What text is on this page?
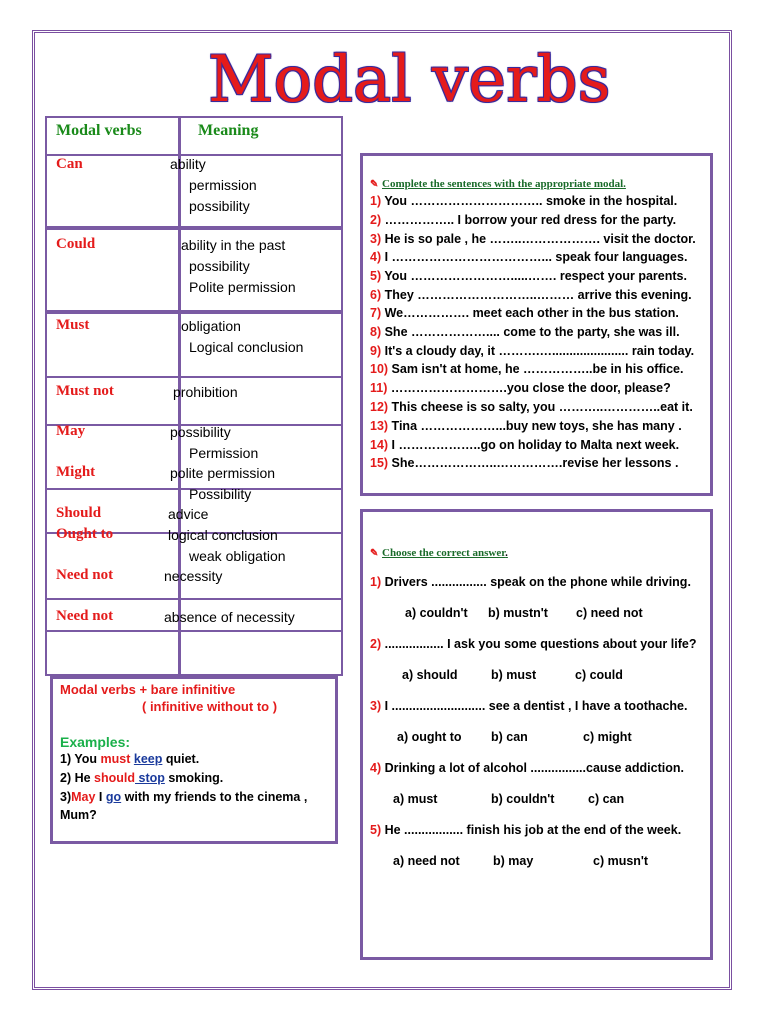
Modal verbs
Modal verbs	Meaning
Can	ability
permission
possibility
Could	ability in the past
possibility
Polite permission
Must	obligation
Logical conclusion
Must not	prohibition
May	possibility
Permission
Might	polite permission
Possibility
Should	advice
Ought to	logical conclusion
weak obligation
Need not	necessity
Need not	absence of necessity
Modal verbs + bare infinitive
( infinitive without to )
Examples:
1) You must keep quiet.
2) He should stop smoking.
3)May I go with my friends to the cinema ,
Mum?
✎ Complete the sentences with the appropriate modal.
1) You ………………………….. smoke in the hospital.
2) …………….. I borrow your red dress for the party.
3) He is so pale , he ……..………………. visit the doctor.
4) I ………………………………... speak four languages.
5) You …………………….....……. respect your parents.
6) They ………………………..……… arrive this evening.
7) We……………. meet each other in the bus station.
8) She ……………….... come to the party, she was ill.
9) It's a cloudy day, it ……….…...................... rain today.
10) Sam isn't at home, he ……………..be in his office.
11) ……………………….you close the door, please?
12) This cheese is so salty, you ………..…………..eat it.
13) Tina ………………...buy new toys, she has many .
14) I ………………..go on holiday to Malta next week.
15) She………………..…………….revise her lessons .
✎ Choose the correct answer.
1) Drivers ................ speak on the phone while driving.
a) couldn't b) mustn't c) need not
2) ................. I ask you some questions about your life?
a) should	b) must	c) could
3) I ........................... see a dentist , I have a toothache.
a) ought to b) can	c) might
4) Drinking a lot of alcohol ................cause addiction.
a) must	b) couldn't	c) can
5) He ................. finish his job at the end of the week.
a) need not	b) may	c) musn't
